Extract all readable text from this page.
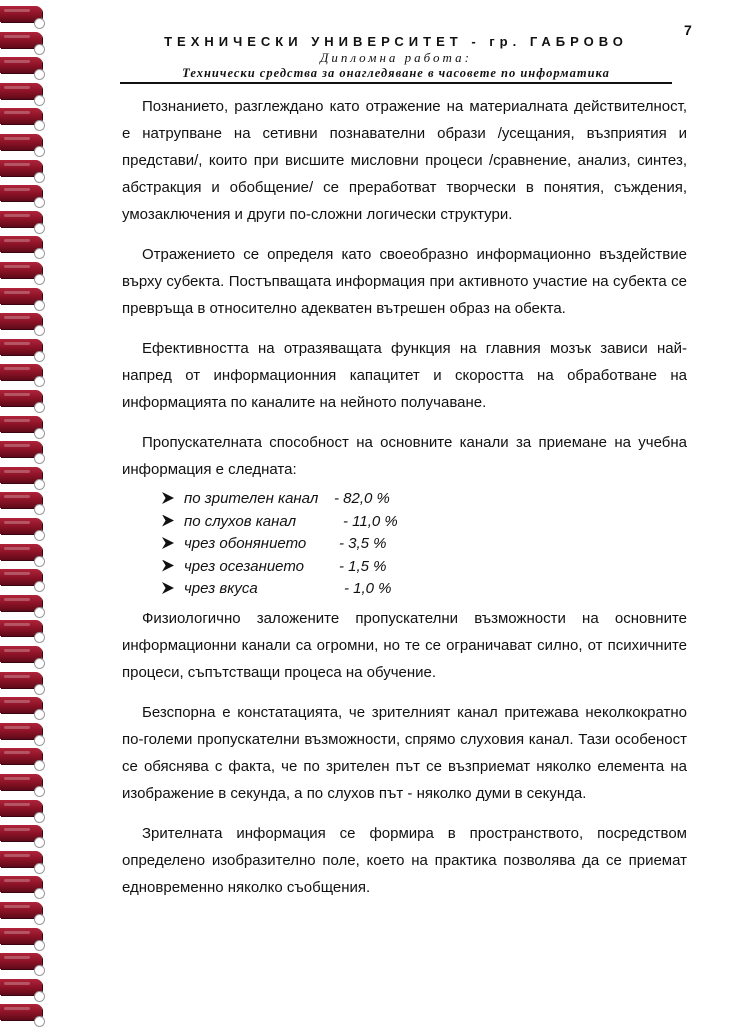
7
ТЕХНИЧЕСКИ УНИВЕРСИТЕТ - гр. ГАБРОВО
Дипломна работа:
Технически средства за онагледяване в часовете по информатика

Познанието, разглеждано като отражение на материалната действителност, е натрупване на сетивни познавателни образи /усещания, възприятия и представи/, които при висшите мисловни процеси /сравнение, анализ, синтез, абстракция и обобщение/ се преработват творчески в понятия, съждения, умозаключения и други по-сложни логически структури.

Отражението се определя като своеобразно информационно въздействие върху субекта. Постъпващата информация при активното участие на субекта се превръща в относително адекватен вътрешен образ на обекта.

Ефективността на отразяващата функция на главния мозък зависи най-напред от информационния капацитет и скоростта на обработване на информацията по каналите на нейното получаване.

Пропускателната способност на основните канали за приемане на учебна информация е следната:

по зрителен канал	- 82,0 %
по слухов канал	- 11,0 %
чрез обонянието	- 3,5 %
чрез осезанието	- 1,5 %
чрез вкуса	- 1,0 %

Физиологично заложените пропускателни възможности на основните информационни канали са огромни, но те се ограничават силно, от психичните процеси, съпътстващи процеса на обучение.

Безспорна е констатацията, че зрителният канал притежава неколкократно по-големи пропускателни възможности, спрямо слуховия канал. Тази особеност се обяснява с факта, че по зрителен път се възприемат няколко елемента на изображение в секунда, а по слухов път - няколко думи в секунда.

Зрителната информация се формира в пространството, посредством определено изобразително поле, което на практика позволява да се приемат едновременно няколко съобщения.
